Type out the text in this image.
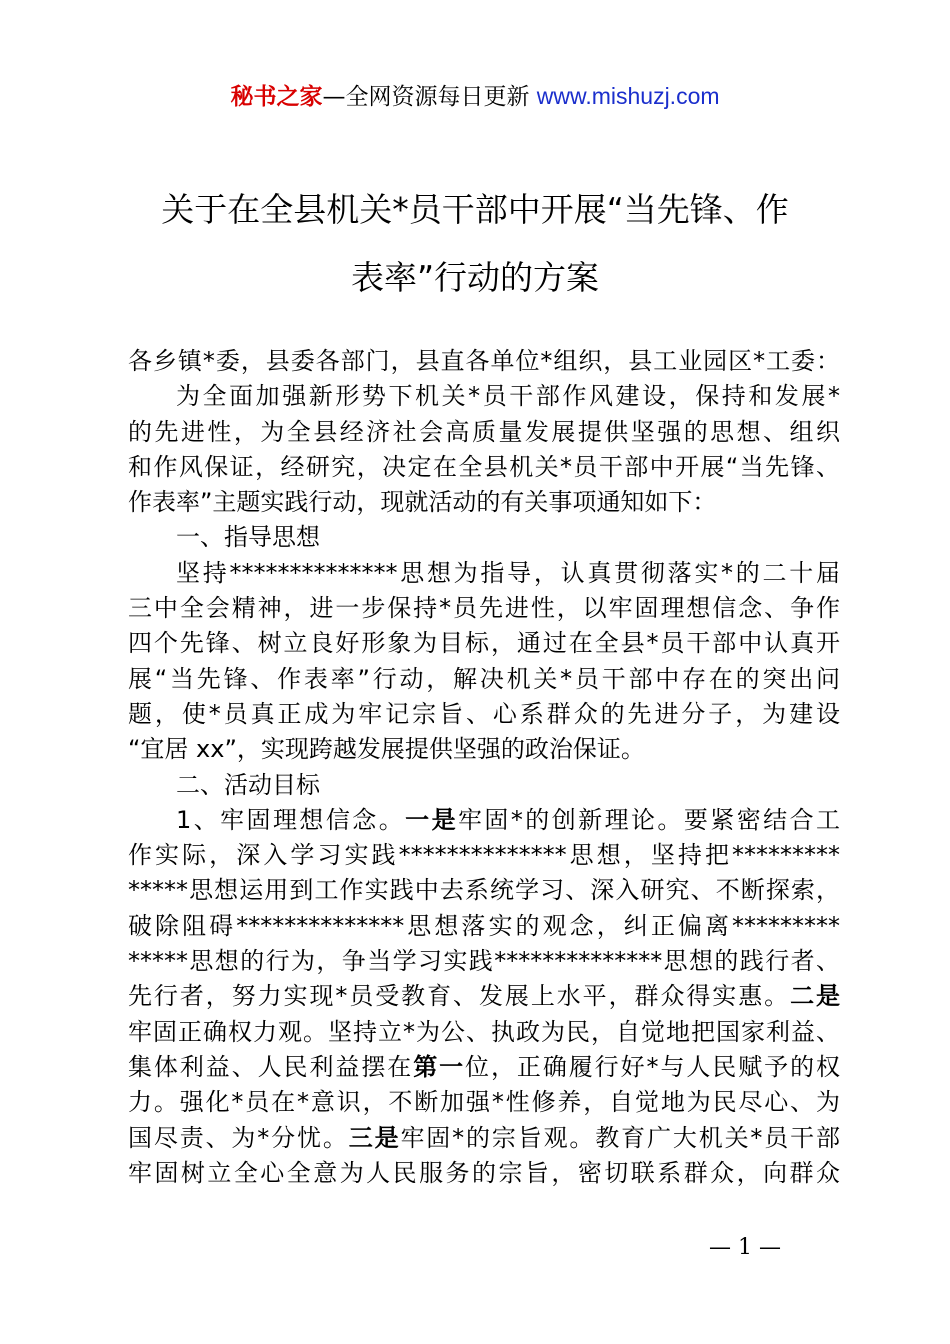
秘书之家—全网资源每日更新 www.mishuzj.com
关于在全县机关*员干部中开展“当先锋、作
表率”行动的方案
各乡镇*委，县委各部门，县直各单位*组织，县工业园区*工委：
为全面加强新形势下机关*员干部作风建设，保持和发展*
的先进性，为全县经济社会高质量发展提供坚强的思想、组织
和作风保证，经研究，决定在全县机关*员干部中开展“当先锋、
作表率”主题实践行动，现就活动的有关事项通知如下：
一、指导思想
坚持**************思想为指导，认真贯彻落实*的二十届
三中全会精神，进一步保持*员先进性，以牢固理想信念、争作
四个先锋、树立良好形象为目标，通过在全县*员干部中认真开
展“当先锋、作表率”行动，解决机关*员干部中存在的突出问
题，使*员真正成为牢记宗旨、心系群众的先进分子，为建设
“宜居 xx”，实现跨越发展提供坚强的政治保证。
二、活动目标
1、牢固理想信念。一是牢固*的创新理论。要紧密结合工
作实际，深入学习实践**************思想，坚持把*********
*****思想运用到工作实践中去系统学习、深入研究、不断探索，
破除阻碍**************思想落实的观念，纠正偏离*********
*****思想的行为，争当学习实践**************思想的践行者、
先行者，努力实现*员受教育、发展上水平，群众得实惠。二是
牢固正确权力观。坚持立*为公、执政为民，自觉地把国家利益、
集体利益、人民利益摆在第一位，正确履行好*与人民赋予的权
力。强化*员在*意识，不断加强*性修养，自觉地为民尽心、为
国尽责、为*分忧。三是牢固*的宗旨观。教育广大机关*员干部
牢固树立全心全意为人民服务的宗旨，密切联系群众，向群众
— 1 —
